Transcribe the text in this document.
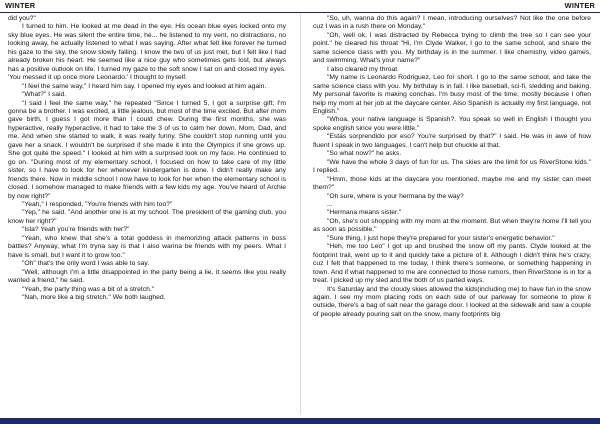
WINTER	WINTER

did you?"

I turned to him. He looked at me dead in the eye. His ocean blue eyes locked onto my sky blue eyes. He was silent the entire time, he... he listened to my vent, no distractions, no looking away, he actually listened to what I was saying. After what felt like forever he turned his gaze to the sky, the snow slowly falling. I know the two of us just met, but I felt like I had already broken his heart. He seemed like a nice guy who sometimes gets lost, but always has a positive outlook on life. I turned my gaze to the soft snow I sat on and closed my eyes. 'You messed it up once more Leonardo.' I thought to myself.

"I feel the same way," I heard him say. I opened my eyes and looked at him again.

"What?" I said.

"I said I feel the same way," he repeated "Since I turned 5, I got a surprise gift; I'm gonna be a brother. I was excited, a little jealous, but most of the time excited. But after mom gave birth, I guess I got more than I could chew. During the first months, she was hyperactive, really hyperactive, it had to take the 3 of us to calm her down, Mom, Dad, and me. And when she started to walk, it was really funny. She couldn't stop running until you gave her a snack. I wouldn't be surprised if she made it into the Olympics if she grows up. She got quite the speed." I looked at him with a surprised look on my face. He continued to go on. "During most of my elementary school, I focused on how to take care of my little sister, so I have to look for her whenever kindergarten is done. I didn't really make any friends there. Now in middle school I now have to look for her when the elementary school is closed. I somehow managed to make friends with a few kids my age. You've heard of Archie by now right?"

"Yeah," I responded, "You're friends with him too?"

"Yep," he said. "And another one is at my school. The president of the gaming club, you know her right?"

"Isla? Yeah you're friends with her?"

"Yeah, who knew that she's a total goddess in memorizing attack patterns in boss battles? Anyway, what I'm tryna say is that I also wanna be friends with my peers. What I have is small, but I want it to grow too."

"Oh" that's the only word I was able to say.

"Well, although I'm a little disappointed in the party being a lie, it seems like you really wanted a friend," he said.

"Yeah, the party thing was a bit of a stretch."

"Nah, more like a big stretch." We both laughed.

"So, uh, wanna do this again? I mean, introducing ourselves? Not like the one before cuz I was in a rush there on Monday."

"Oh, well ok, I was distracted by Rebecca trying to climb the tree so I can see your point." he cleared his throat "Hi, I'm Clyde Walker, I go to the same school, and share the same science class with you. My birthday is in the summer. I like chemistry, video games, and swimming. What's your name?"

I also cleared my throat

"My name is Leonardo Rodriguez, Leo for short. I go to the same school, and take the same science class with you. My birthday is in fall. I like baseball, sci-fi, sledding and baking. My personal favorite is making conchas. I'm busy most of the time, mostly because I often help my mom at her job at the daycare center. Also Spanish is actually my first language, not English."

"Whoa, your native language is Spanish?. You speak so well in English I thought you spoke english since you were little."

"Estás sorprendido por eso? You're surprised by that?" I said. He was in awe of how fluent I speak in two languages. I can't help but chuckle at that.

"So what now?" he asks.

"We have the whole 3 days of fun for us. The skies are the limit for us RiverStone kids." I replied.

"Hmm, those kids at the daycare you mentioned, maybe me and my sister can meet them?"

"Oh sure, where is your hermana by the way?

...

"Hermana means sister."

"Oh, she's out shopping with my mom at the moment. But when they're home I'll tell you as soon as possible."

"Sure thing, I just hope they're prepared for your sister's energetic behavior."

"Heh, me too Leo" I got up and brushed the snow off my pants. Clyde looked at the footprint trail, went up to it and quickly take a picture of it. Although I didn't think he's crazy, cuz I felt that happened to me today, I think there's someone, or something happening in town. And if what happened to me are connected to those rumors, then RiverStone is in for a treat. I picked up my sled and the both of us parted ways.

It's Saturday and the cloudy skies allowed the kids(including me) to have fun in the snow again. I see my mom placing rods on each side of our parkway for someone to plow it outside, there's a bag of salt near the garage door. I looked at the sidewalk and saw a couple of people already pouring salt on the snow, many footprints big
